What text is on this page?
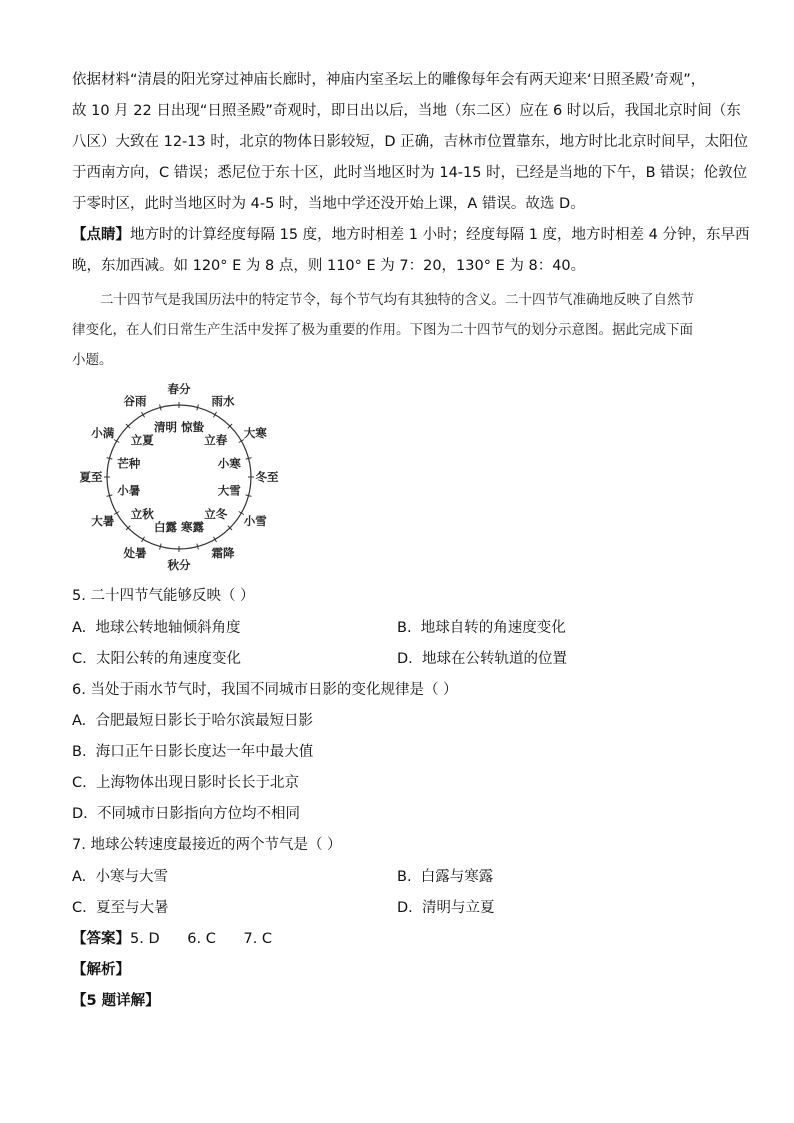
依据材料“清晨的阳光穿过神庙长廊时，神庙内室圣坛上的雕像每年会有两天迎来‘日照圣殿’奇观”，
故 10 月 22 日出现“日照圣殿”奇观时，即日出以后，当地（东二区）应在 6 时以后，我国北京时间（东
八区）大致在 12-13 时，北京的物体日影较短，D 正确，吉林市位置靠东，地方时比北京时间早，太阳位
于西南方向，C 错误；悉尼位于东十区，此时当地区时为 14-15 时，已经是当地的下午，B 错误；伦敦位
于零时区，此时当地区时为 4-5 时，当地中学还没开始上课，A 错误。故选 D。
【点睛】地方时的计算经度每隔 15 度，地方时相差 1 小时；经度每隔 1 度，地方时相差 4 分钟，东早西
晚，东加西减。如 120° E 为 8 点，则 110° E 为 7：20，130° E 为 8：40。
二十四节气是我国历法中的特定节令，每个节气均有其独特的含义。二十四节气准确地反映了自然节
律变化，在人们日常生产生活中发挥了极为重要的作用。下图为二十四节气的划分示意图。据此完成下面
小题。
春分
雨水
大寒
冬至
小雪
霜降
秋分
处暑
大暑
夏至
小满
谷雨
惊蛰
立春
小寒
大雪
立冬
寒露
白露
立秋
小暑
芒种
立夏
清明
5. 二十四节气能够反映（ ）
A. 地球公转地轴倾斜角度	B. 地球自转的角速度变化
C. 太阳公转的角速度变化	D. 地球在公转轨道的位置
6. 当处于雨水节气时，我国不同城市日影的变化规律是（ ）
A. 合肥最短日影长于哈尔滨最短日影
B. 海口正午日影长度达一年中最大值
C. 上海物体出现日影时长长于北京
D. 不同城市日影指向方位均不相同
7. 地球公转速度最接近的两个节气是（ ）
A. 小寒与大雪	B. 白露与寒露
C. 夏至与大暑	D. 清明与立夏
【答案】5. D      6. C      7. C
【解析】
【5 题详解】
